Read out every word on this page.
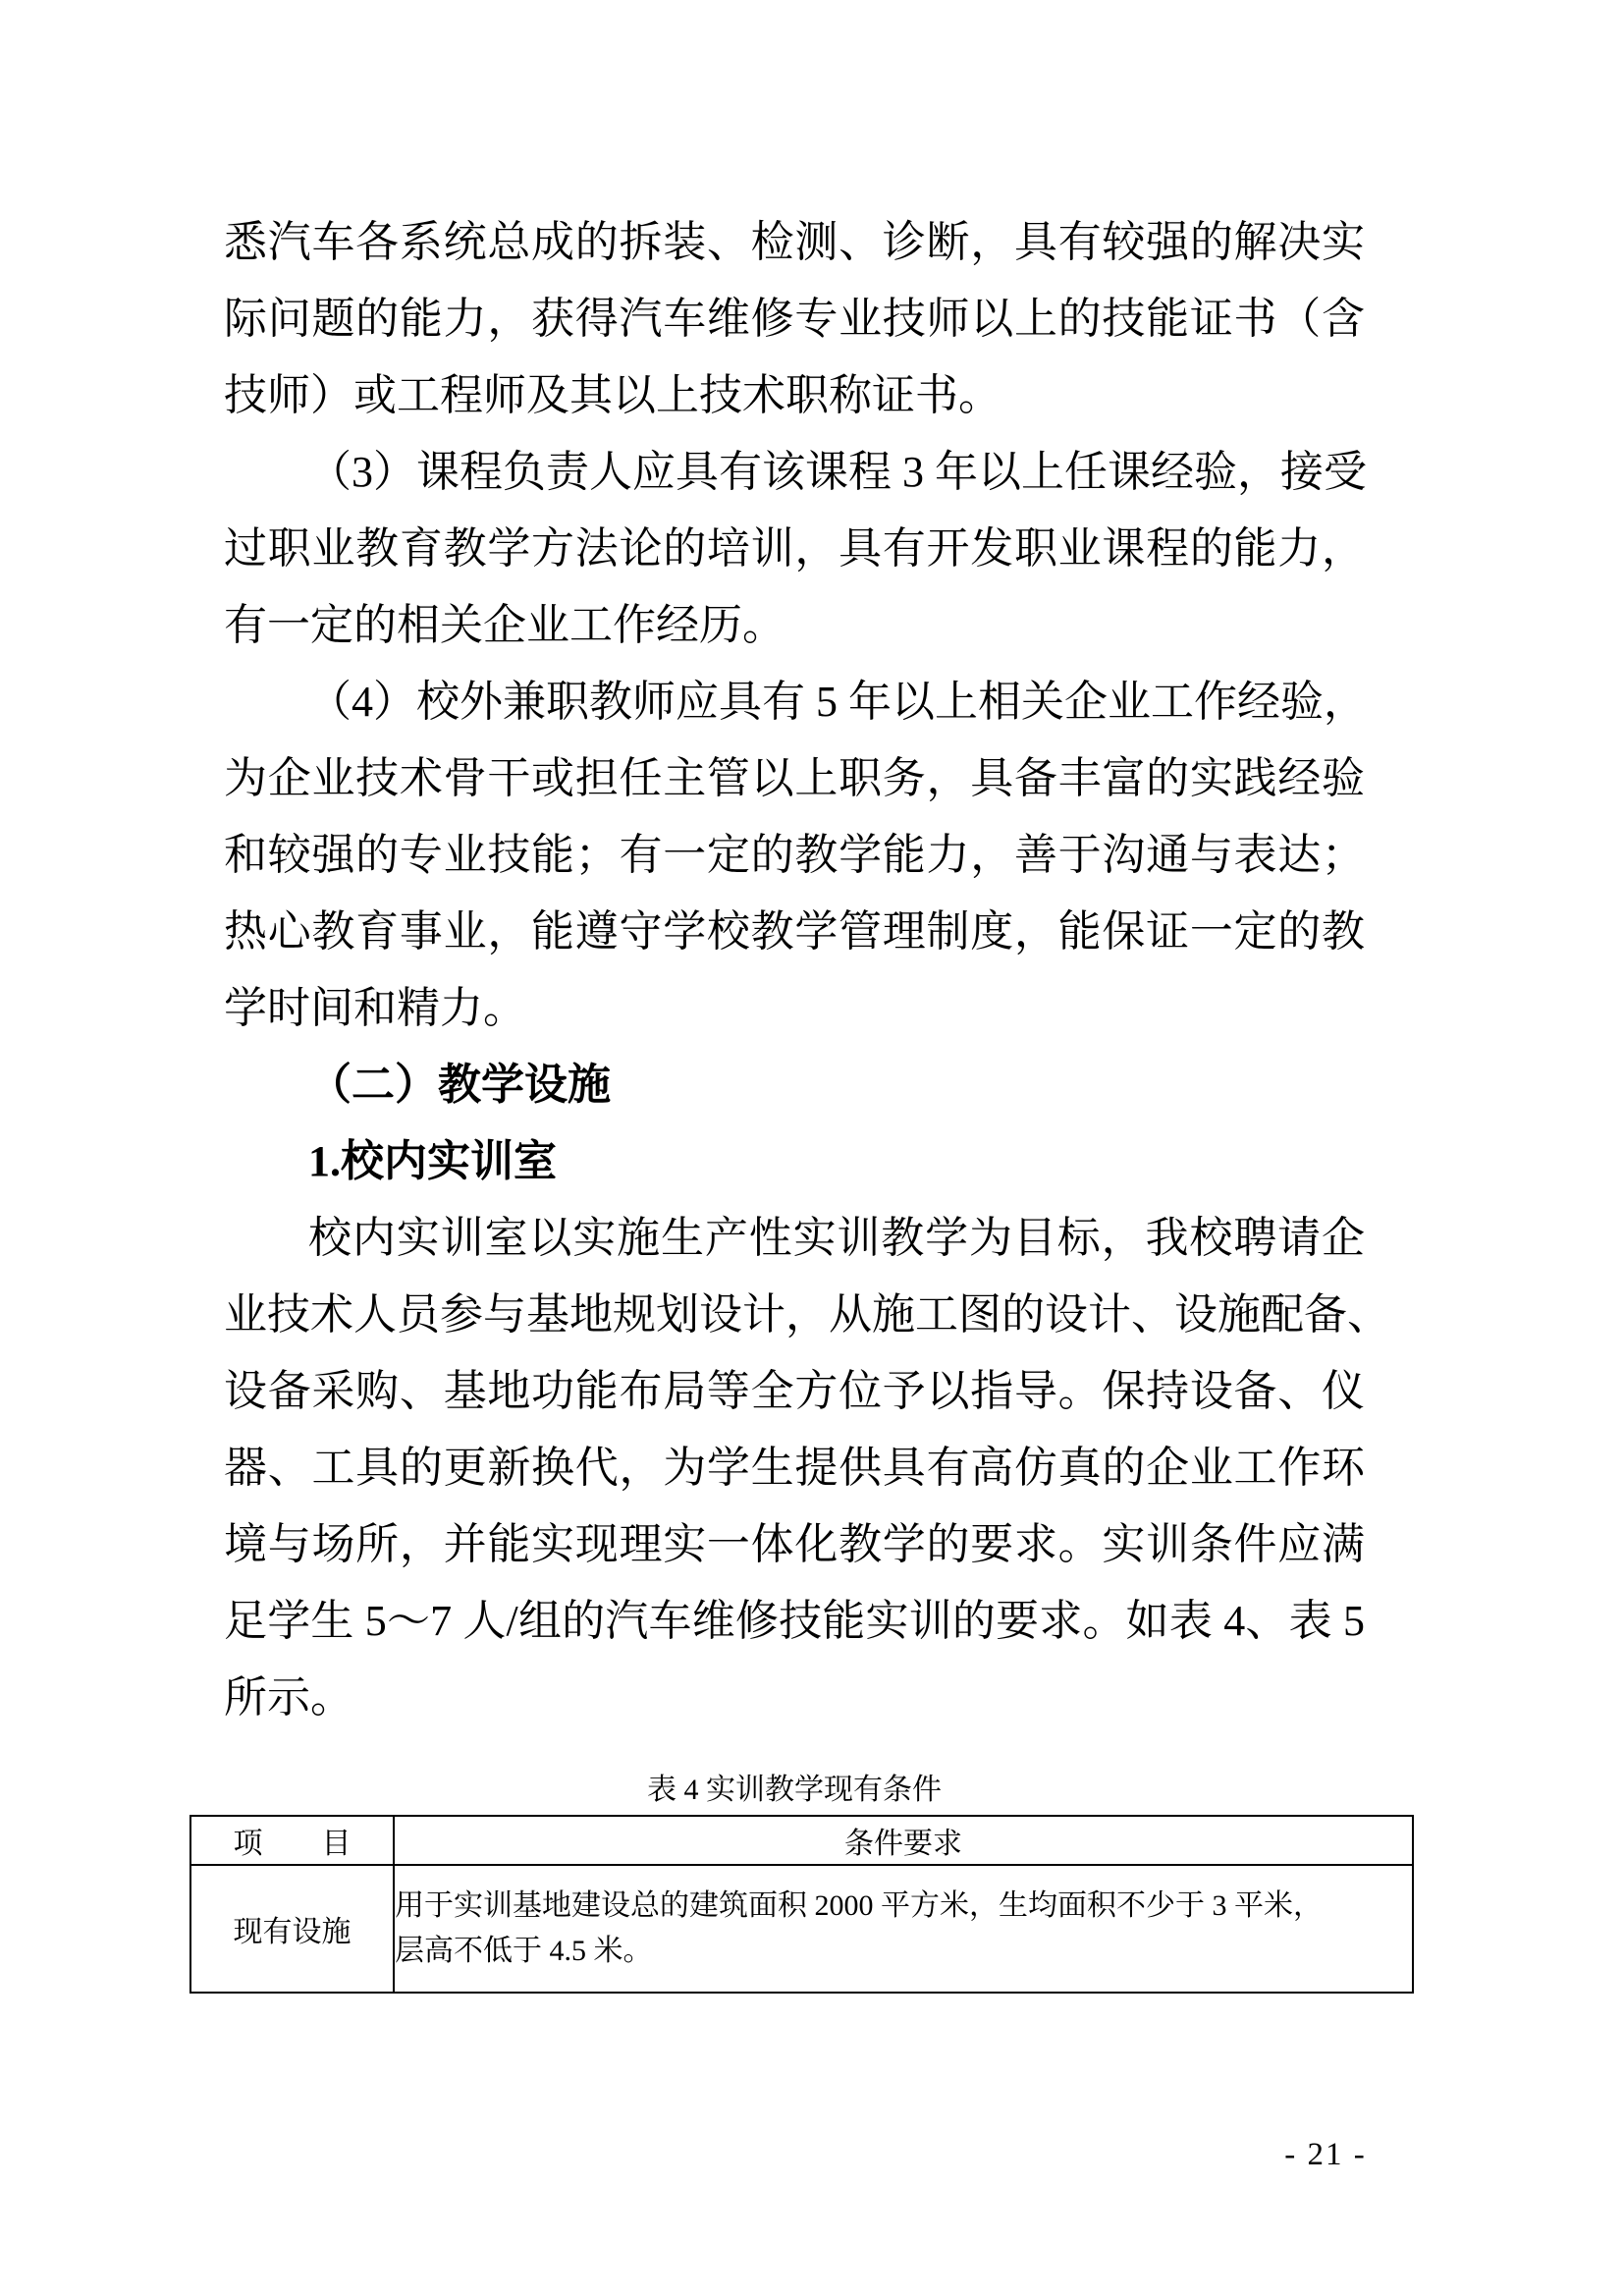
悉汽车各系统总成的拆装、检测、诊断，具有较强的解决实
际问题的能力，获得汽车维修专业技师以上的技能证书（含
技师）或工程师及其以上技术职称证书。
（3）课程负责人应具有该课程 3 年以上任课经验，接受
过职业教育教学方法论的培训，具有开发职业课程的能力，
有一定的相关企业工作经历。
（4）校外兼职教师应具有 5 年以上相关企业工作经验，
为企业技术骨干或担任主管以上职务，具备丰富的实践经验
和较强的专业技能；有一定的教学能力，善于沟通与表达；
热心教育事业，能遵守学校教学管理制度，能保证一定的教
学时间和精力。
（二）教学设施
1.校内实训室
校内实训室以实施生产性实训教学为目标，我校聘请企
业技术人员参与基地规划设计，从施工图的设计、设施配备、
设备采购、基地功能布局等全方位予以指导。保持设备、仪
器、工具的更新换代，为学生提供具有高仿真的企业工作环
境与场所，并能实现理实一体化教学的要求。实训条件应满
足学生 5～7 人/组的汽车维修技能实训的要求。如表 4、表 5
所示。
表 4 实训教学现有条件
项　　目	条件要求
现有设施	用于实训基地建设总的建筑面积 2000 平方米，生均面积不少于 3 平米，层高不低于 4.5 米。
- 21 -
